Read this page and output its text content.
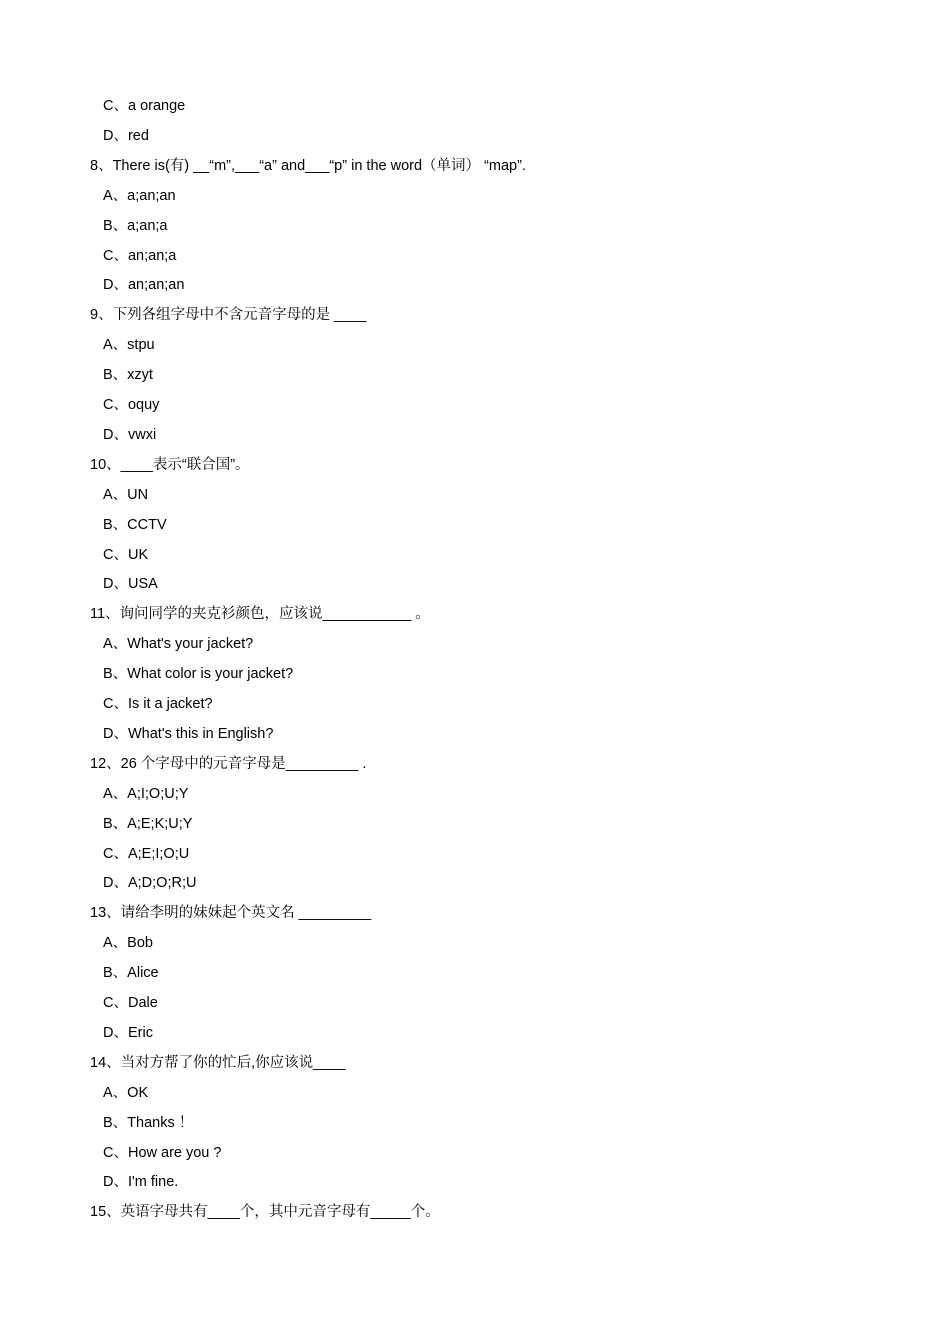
C、a orange
D、red
8、There is(有) __“m”,___“a” and___“p” in the word（单词） “map”.
A、a;an;an
B、a;an;a
C、an;an;a
D、an;an;an
9、下列各组字母中不含元音字母的是 ____
A、stpu
B、xzyt
C、oquy
D、vwxi
10、____表示“联合国”。
A、UN
B、CCTV
C、UK
D、USA
11、询问同学的夹克衫颜色，应该说___________ 。
A、What's your jacket?
B、What color is your jacket?
C、Is it a jacket?
D、What's this in English?
12、26 个字母中的元音字母是_________ .
A、A;I;O;U;Y
B、A;E;K;U;Y
C、A;E;I;O;U
D、A;D;O;R;U
13、请给李明的妹妹起个英文名 _________
A、Bob
B、Alice
C、Dale
D、Eric
14、当对方帮了你的忙后,你应该说____
A、OK
B、Thanks ！
C、How are you ?
D、I'm fine.
15、英语字母共有____个，其中元音字母有_____个。
